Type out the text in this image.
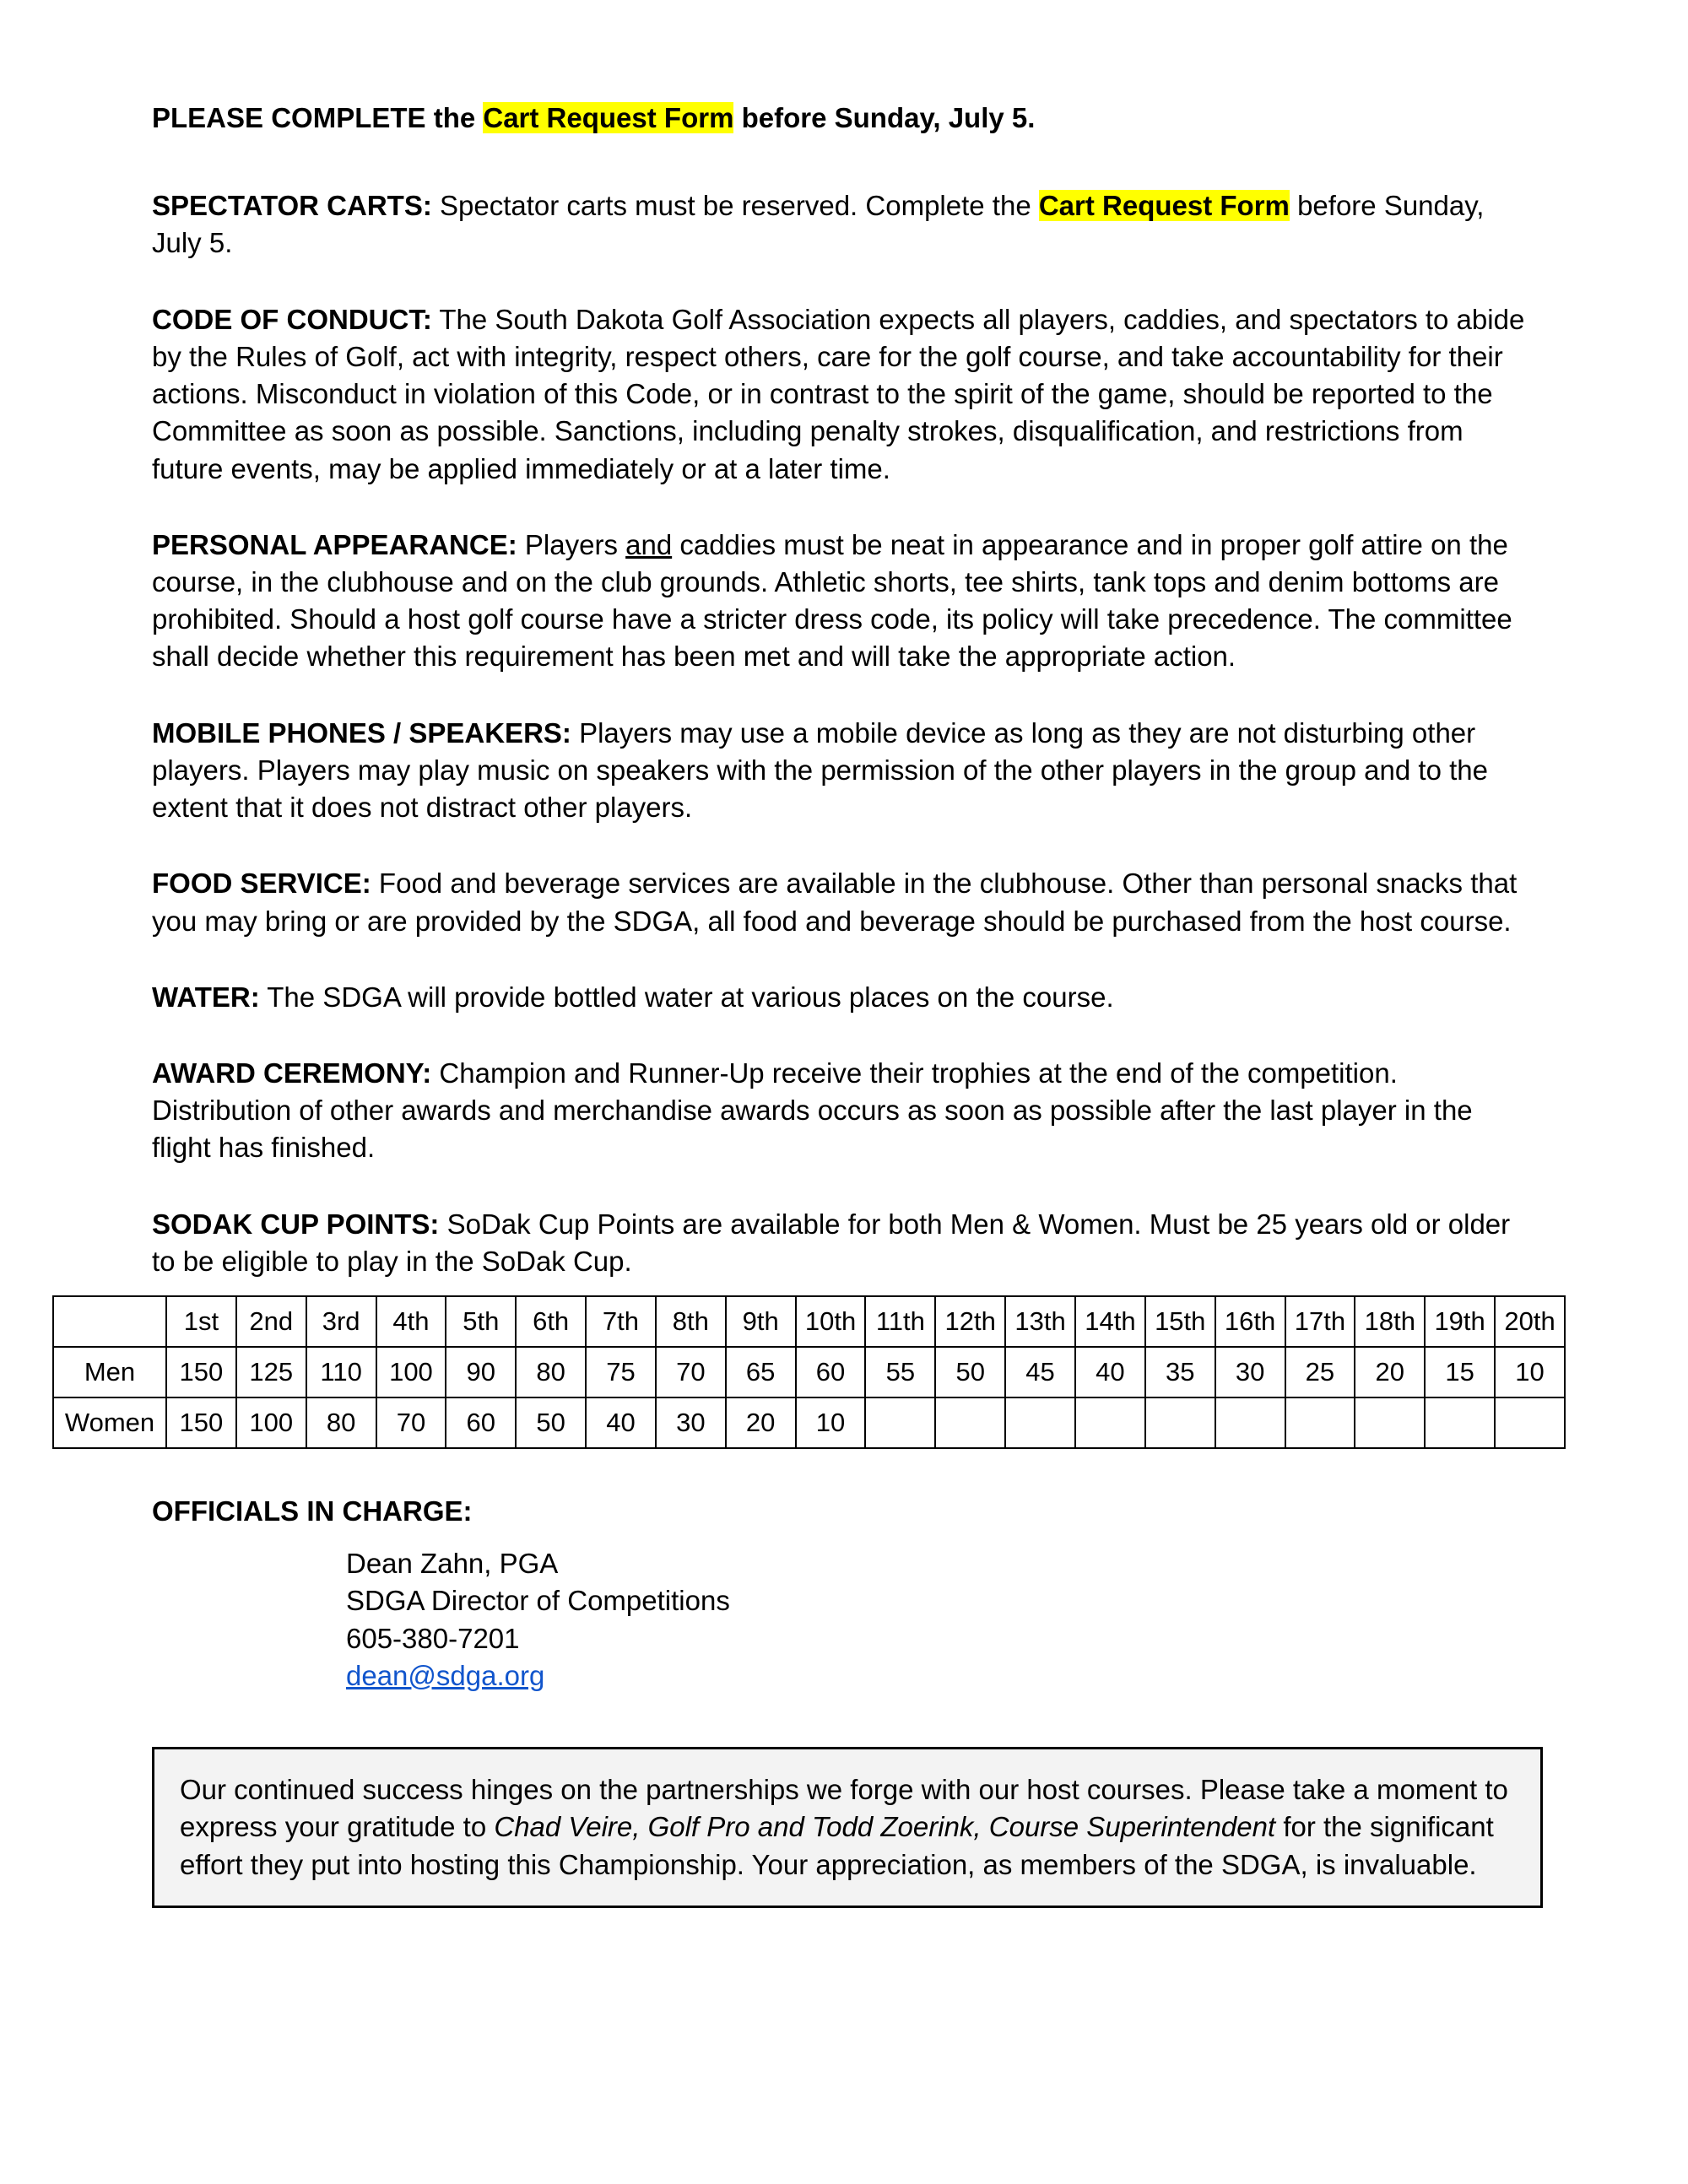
PLEASE COMPLETE the Cart Request Form before Sunday, July 5.

SPECTATOR CARTS: Spectator carts must be reserved. Complete the Cart Request Form before Sunday, July 5.

CODE OF CONDUCT: The South Dakota Golf Association expects all players, caddies, and spectators to abide by the Rules of Golf, act with integrity, respect others, care for the golf course, and take accountability for their actions. Misconduct in violation of this Code, or in contrast to the spirit of the game, should be reported to the Committee as soon as possible. Sanctions, including penalty strokes, disqualification, and restrictions from future events, may be applied immediately or at a later time.

PERSONAL APPEARANCE: Players and caddies must be neat in appearance and in proper golf attire on the course, in the clubhouse and on the club grounds. Athletic shorts, tee shirts, tank tops and denim bottoms are prohibited. Should a host golf course have a stricter dress code, its policy will take precedence. The committee shall decide whether this requirement has been met and will take the appropriate action.

MOBILE PHONES / SPEAKERS: Players may use a mobile device as long as they are not disturbing other players. Players may play music on speakers with the permission of the other players in the group and to the extent that it does not distract other players.

FOOD SERVICE: Food and beverage services are available in the clubhouse. Other than personal snacks that you may bring or are provided by the SDGA, all food and beverage should be purchased from the host course.

WATER: The SDGA will provide bottled water at various places on the course.

AWARD CEREMONY: Champion and Runner-Up receive their trophies at the end of the competition. Distribution of other awards and merchandise awards occurs as soon as possible after the last player in the flight has finished.

SODAK CUP POINTS: SoDak Cup Points are available for both Men & Women. Must be 25 years old or older to be eligible to play in the SoDak Cup.

	1st	2nd	3rd	4th	5th	6th	7th	8th	9th	10th	11th	12th	13th	14th	15th	16th	17th	18th	19th	20th
Men	150	125	110	100	90	80	75	70	65	60	55	50	45	40	35	30	25	20	15	10
Women	150	100	80	70	60	50	40	30	20	10										

OFFICIALS IN CHARGE:

Dean Zahn, PGA
SDGA Director of Competitions
605-380-7201
dean@sdga.org
Our continued success hinges on the partnerships we forge with our host courses. Please take a moment to express your gratitude to Chad Veire, Golf Pro and Todd Zoerink, Course Superintendent for the significant effort they put into hosting this Championship. Your appreciation, as members of the SDGA, is invaluable.
